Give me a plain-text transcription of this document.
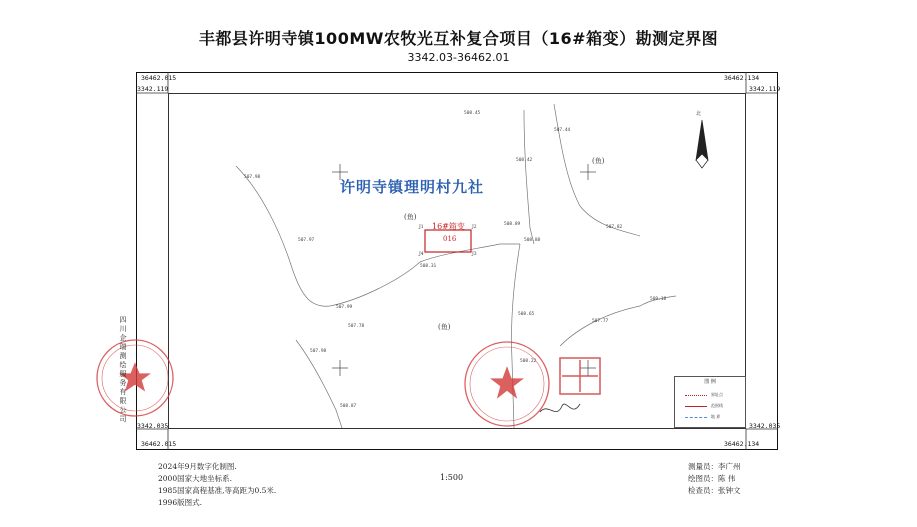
丰都县许明寺镇100MW农牧光互补复合项目（16#箱变）勘测定界图
3342.03-36462.01
36462.015
3342.119
36462.134
3342.119
3342.035
36462.015
3342.035
36462.134
许明寺镇理明村九社
(鱼)
(鱼)
(鱼)
16#箱变
016
J1	J2
J3
J4
508.45
507.98
507.97
508.42
508.89
508.88
508.31
507.99
507.78
507.98
508.65
508.22
507.77
507.82
507.44
509.18
508.87
北
四川企瑞测绘服务有限公司
图 例
界址点
范围线
地 界
2024年9月数字化制图.
2000国家大地坐标系.
1985国家高程基准,等高距为0.5米.
1996版图式.
1:500
测量员：李广州
绘图员：陈 伟
检查员：张钟文
